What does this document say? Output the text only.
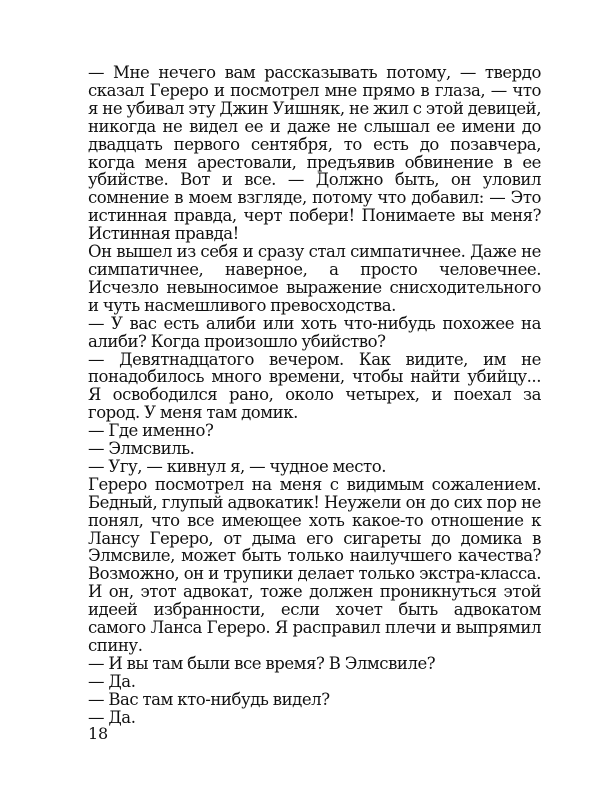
— Мне нечего вам рассказывать потому, — твердо сказал Гереро и посмотрел мне прямо в глаза, — что я не убивал эту Джин Уишняк, не жил с этой девицей, никогда не видел ее и даже не слышал ее имени до двадцать первого сентября, то есть до позавчера, когда меня арестовали, предъявив обвинение в ее убийстве. Вот и все. — Должно быть, он уловил сомнение в моем взгляде, потому что добавил: — Это истинная правда, черт побери! Понимаете вы меня? Истинная правда!

Он вышел из себя и сразу стал симпатичнее. Даже не симпатичнее, наверное, а просто человечнее. Исчезло невыносимое выражение снисходительного и чуть насмешливого превосходства.

— У вас есть алиби или хоть что-нибудь похожее на алиби? Когда произошло убийство?

— Девятнадцатого вечером. Как видите, им не понадобилось много времени, чтобы найти убийцу... Я освободился рано, около четырех, и поехал за город. У меня там домик.

— Где именно?

— Элмсвиль.

— Угу, — кивнул я, — чудное место.

Гереро посмотрел на меня с видимым сожалением. Бедный, глупый адвокатик! Неужели он до сих пор не понял, что все имеющее хоть какое-то отношение к Лансу Гереро, от дыма его сигареты до домика в Элмсвиле, может быть только наилучшего качества? Возможно, он и трупики делает только экстра-класса. И он, этот адвокат, тоже должен проникнуться этой идеей избранности, если хочет быть адвокатом самого Ланса Гереро. Я расправил плечи и выпрямил спину.

— И вы там были все время? В Элмсвиле?

— Да.

— Вас там кто-нибудь видел?

— Да.

18
